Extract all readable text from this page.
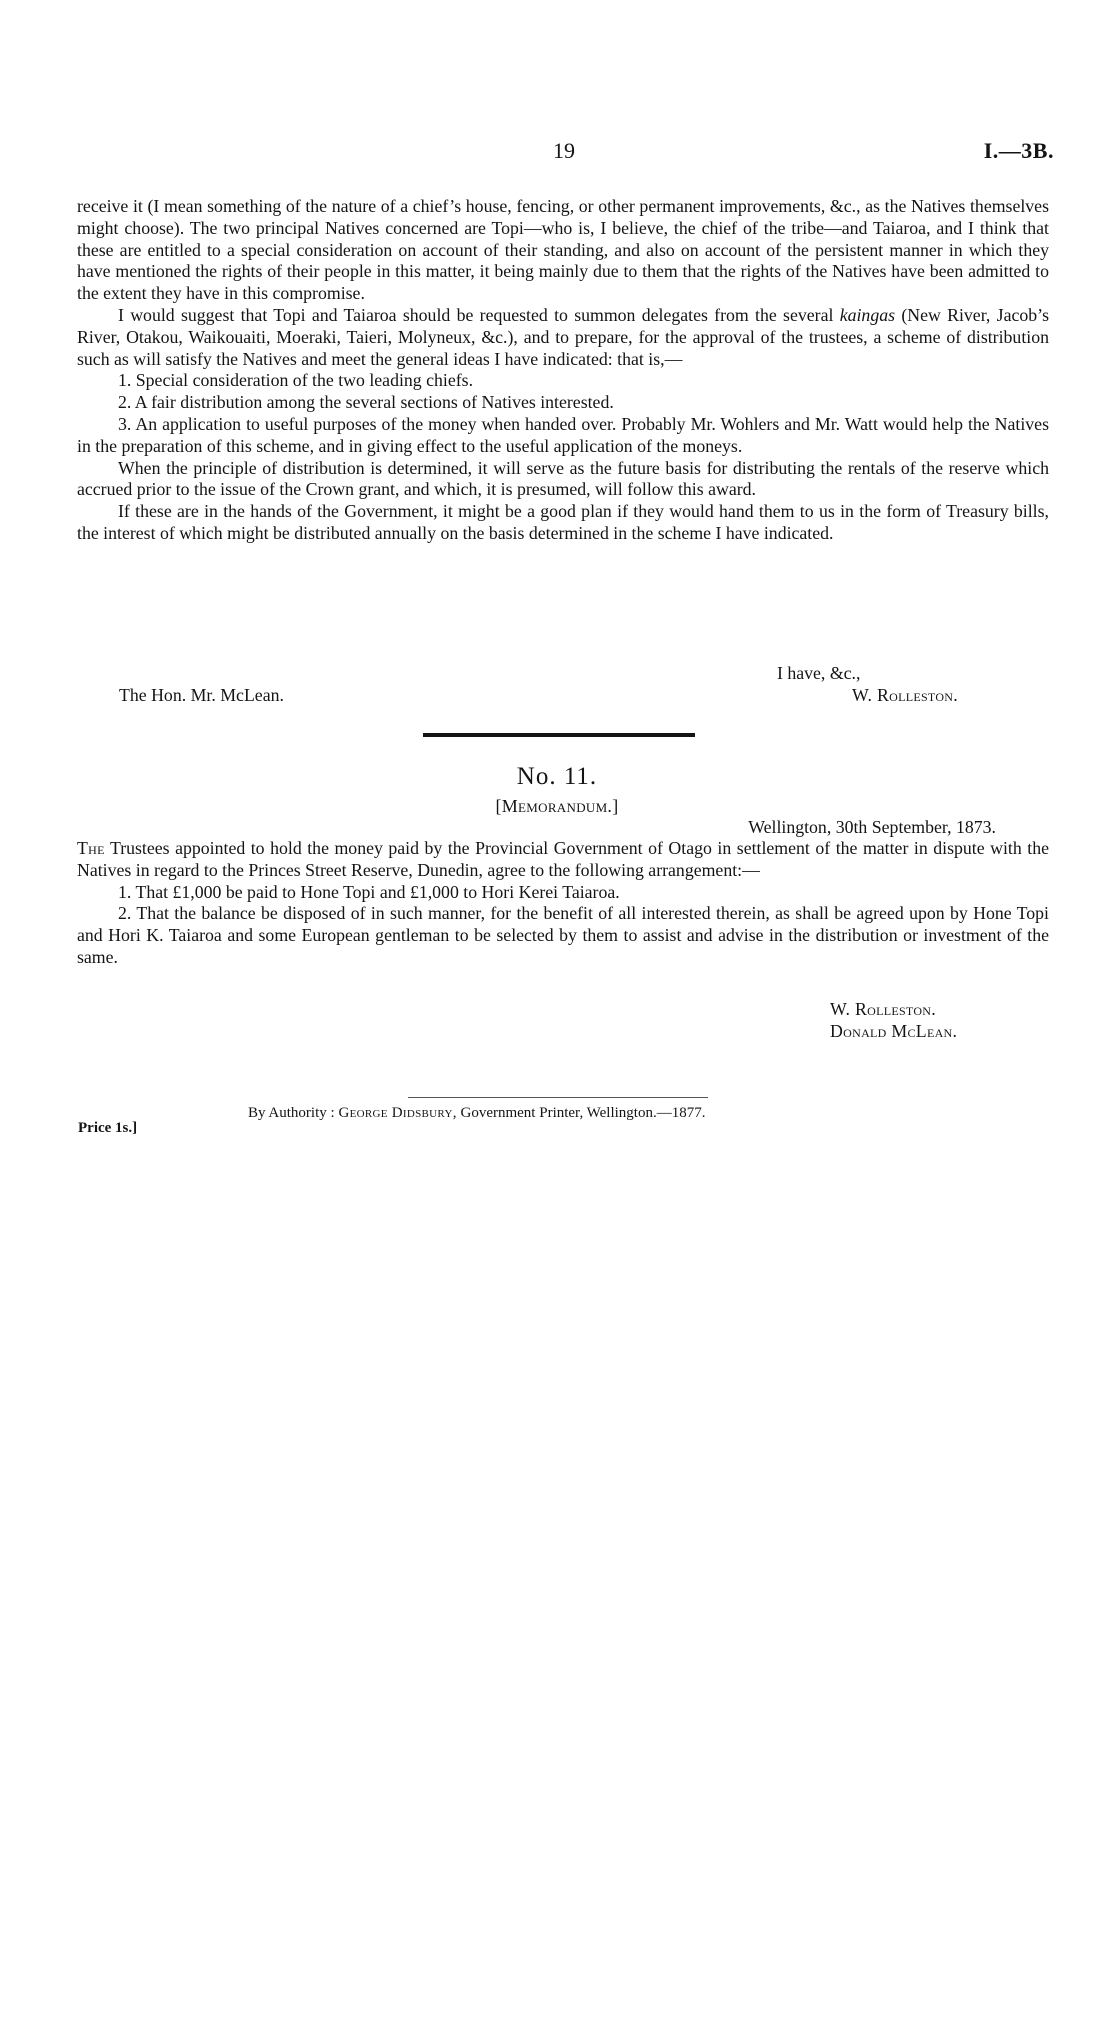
19	I.—3B.

receive it (I mean something of the nature of a chief’s house, fencing, or other permanent improvements, &c., as the Natives themselves might choose). The two principal Natives concerned are Topi—who is, I believe, the chief of the tribe—and Taiaroa, and I think that these are entitled to a special consideration on account of their standing, and also on account of the persistent manner in which they have mentioned the rights of their people in this matter, it being mainly due to them that the rights of the Natives have been admitted to the extent they have in this compromise.

I would suggest that Topi and Taiaroa should be requested to summon delegates from the several kaingas (New River, Jacob’s River, Otakou, Waikouaiti, Moeraki, Taieri, Molyneux, &c.), and to prepare, for the approval of the trustees, a scheme of distribution such as will satisfy the Natives and meet the general ideas I have indicated: that is,—

1. Special consideration of the two leading chiefs.

2. A fair distribution among the several sections of Natives interested.

3. An application to useful purposes of the money when handed over. Probably Mr. Wohlers and Mr. Watt would help the Natives in the preparation of this scheme, and in giving effect to the useful application of the moneys.

When the principle of distribution is determined, it will serve as the future basis for distributing the rentals of the reserve which accrued prior to the issue of the Crown grant, and which, it is presumed, will follow this award.

If these are in the hands of the Government, it might be a good plan if they would hand them to us in the form of Treasury bills, the interest of which might be distributed annually on the basis determined in the scheme I have indicated.

I have, &c.,
The Hon. Mr. McLean.	W. Rolleston.
No. 11.
[Memorandum.]
Wellington, 30th September, 1873.

The Trustees appointed to hold the money paid by the Provincial Government of Otago in settlement of the matter in dispute with the Natives in regard to the Princes Street Reserve, Dunedin, agree to the following arrangement:—

1. That £1,000 be paid to Hone Topi and £1,000 to Hori Kerei Taiaroa.

2. That the balance be disposed of in such manner, for the benefit of all interested therein, as shall be agreed upon by Hone Topi and Hori K. Taiaroa and some European gentleman to be selected by them to assist and advise in the distribution or investment of the same.

W. Rolleston.
Donald McLean.
By Authority : George Didsbury, Government Printer, Wellington.—1877.
Price 1s.]
